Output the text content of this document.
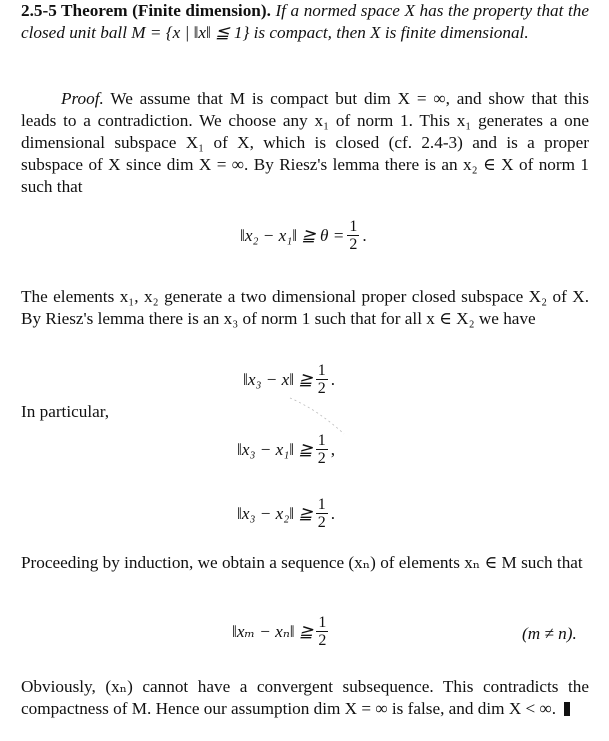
2.5-5 Theorem (Finite dimension). If a normed space X has the property that the closed unit ball M = {x | ‖x‖ ≦ 1} is compact, then X is finite dimensional.

Proof. We assume that M is compact but dim X = ∞, and show that this leads to a contradiction. We choose any x₁ of norm 1. This x₁ generates a one dimensional subspace X₁ of X, which is closed (cf. 2.4-3) and is a proper subspace of X since dim X = ∞. By Riesz's lemma there is an x₂ ∈ X of norm 1 such that

‖x₂ − x₁‖ ≧ $\theta = \frac{1}{2}$ .

The elements x₁, x₂ generate a two dimensional proper closed subspace X₂ of X. By Riesz's lemma there is an x₃ of norm 1 such that for all x ∈ X₂ we have

‖x₃ − x‖ ≧ $\frac{1}{2}$ .
In particular,
‖x₃ − x₁‖ ≧ $\frac{1}{2}$ ,
‖x₃ − x₂‖ ≧ $\frac{1}{2}$ .

Proceeding by induction, we obtain a sequence (xₙ) of elements xₙ ∈ M such that

‖xₘ − xₙ‖ ≧ $\frac{1}{2}$	(m ≠ n).

Obviously, (xₙ) cannot have a convergent subsequence. This contradicts the compactness of M. Hence our assumption dim X = ∞ is false, and dim X < ∞.
